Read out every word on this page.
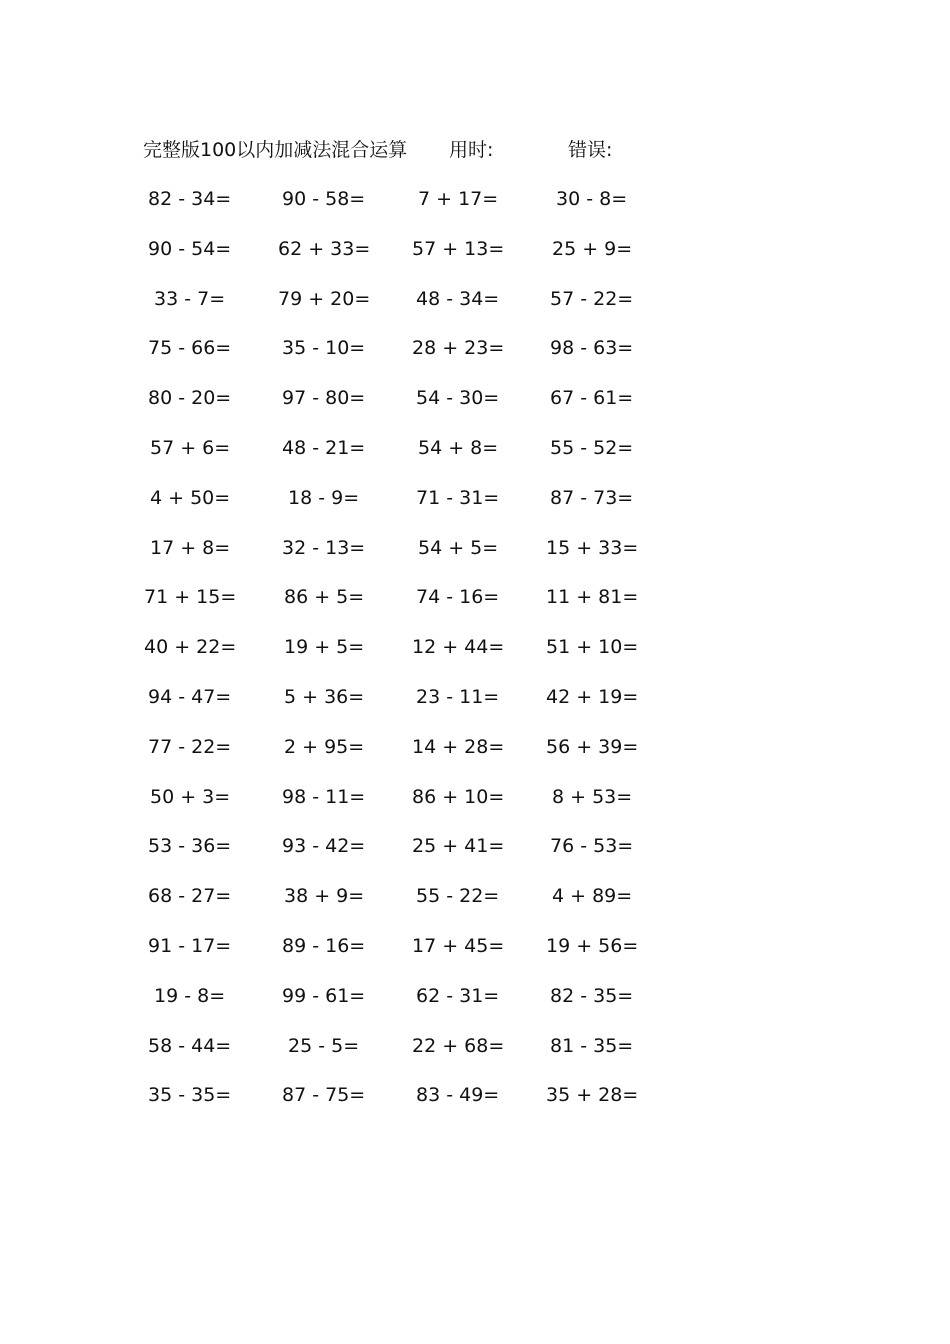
完整版100以内加减法混合运算 用时:	错误:
82 - 34=	90 - 58=	7 + 17=	30 - 8=
90 - 54= 62 + 33= 57 + 13=	25 + 9=
33 - 7=	79 + 20= 48 - 34=	57 - 22=
75 - 66=	35 - 10= 28 + 23= 98 - 63=
80 - 20=	97 - 80=	54 - 30=	67 - 61=
57 + 6=	48 - 21=	54 + 8=	55 - 52=
4 + 50=	18 - 9=	71 - 31=	87 - 73=
17 + 8=	32 - 13=	54 + 5=	15 + 33=
71 + 15=	86 + 5=	74 - 16= 11 + 81=
40 + 22=	19 + 5=	12 + 44= 51 + 10=
94 - 47=	5 + 36=	23 - 11= 42 + 19=
77 - 22=	2 + 95=	14 + 28= 56 + 39=
50 + 3=	98 - 11= 86 + 10=	8 + 53=
53 - 36=	93 - 42= 25 + 41= 76 - 53=
68 - 27=	38 + 9=	55 - 22=	4 + 89=
91 - 17=	89 - 16= 17 + 45= 19 + 56=
19 - 8=	99 - 61=	62 - 31=	82 - 35=
58 - 44=	25 - 5=	22 + 68= 81 - 35=
35 - 35=	87 - 75=	83 - 49= 35 + 28=
